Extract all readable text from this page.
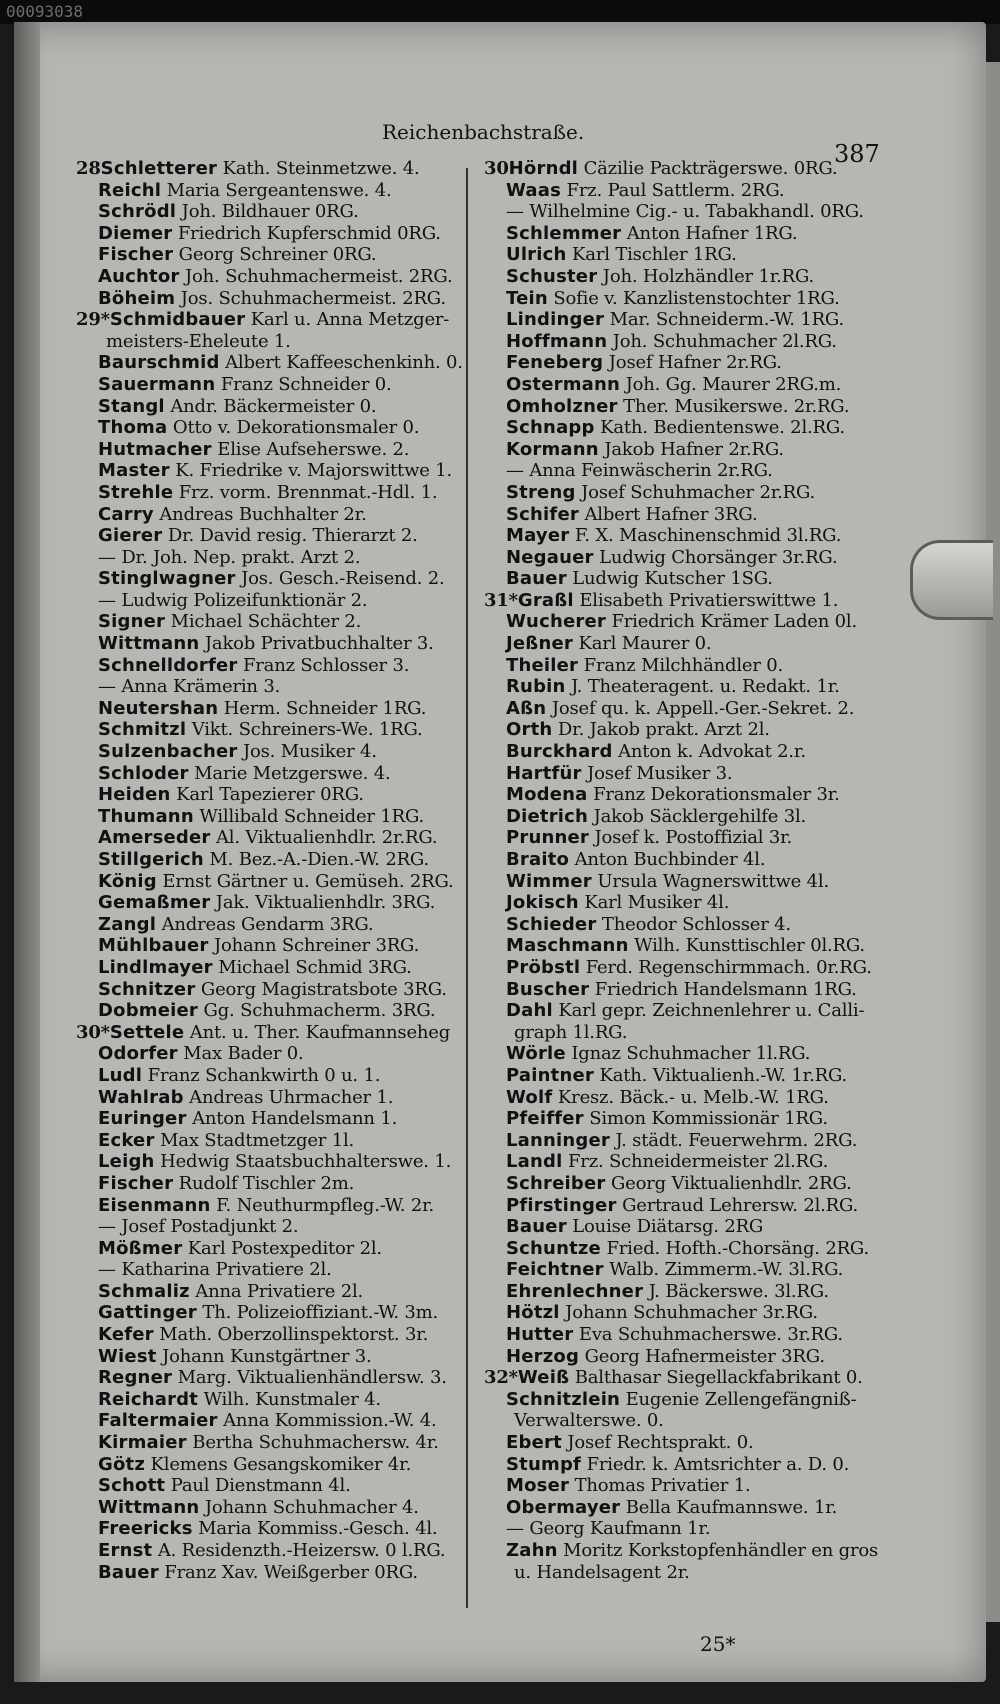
00093038
Reichenbachstraße.
387
28Schletterer Kath. Steinmetzwe. 4.
Reichl Maria Sergeantenswe. 4.
Schrödl Joh. Bildhauer 0RG.
Diemer Friedrich Kupferschmid 0RG.
Fischer Georg Schreiner 0RG.
Auchtor Joh. Schuhmachermeist. 2RG.
Böheim Jos. Schuhmachermeist. 2RG.
29*Schmidbauer Karl u. Anna Metzger-
meisters-Eheleute 1.
Baurschmid Albert Kaffeeschenkinh. 0.
Sauermann Franz Schneider 0.
Stangl Andr. Bäckermeister 0.
Thoma Otto v. Dekorationsmaler 0.
Hutmacher Elise Aufseherswe. 2.
Master K. Friedrike v. Majorswittwe 1.
Strehle Frz. vorm. Brennmat.-Hdl. 1.
Carry Andreas Buchhalter 2r.
Gierer Dr. David resig. Thierarzt 2.
— Dr. Joh. Nep. prakt. Arzt 2.
Stinglwagner Jos. Gesch.-Reisend. 2.
— Ludwig Polizeifunktionär 2.
Signer Michael Schächter 2.
Wittmann Jakob Privatbuchhalter 3.
Schnelldorfer Franz Schlosser 3.
— Anna Krämerin 3.
Neutershan Herm. Schneider 1RG.
Schmitzl Vikt. Schreiners-We. 1RG.
Sulzenbacher Jos. Musiker 4.
Schloder Marie Metzgerswe. 4.
Heiden Karl Tapezierer 0RG.
Thumann Willibald Schneider 1RG.
Amerseder Al. Viktualienhdlr. 2r.RG.
Stillgerich M. Bez.-A.-Dien.-W. 2RG.
König Ernst Gärtner u. Gemüseh. 2RG.
Gemaßmer Jak. Viktualienhdlr. 3RG.
Zangl Andreas Gendarm 3RG.
Mühlbauer Johann Schreiner 3RG.
Lindlmayer Michael Schmid 3RG.
Schnitzer Georg Magistratsbote 3RG.
Dobmeier Gg. Schuhmacherm. 3RG.
30*Settele Ant. u. Ther. Kaufmannseheg
Odorfer Max Bader 0.
Ludl Franz Schankwirth 0 u. 1.
Wahlrab Andreas Uhrmacher 1.
Euringer Anton Handelsmann 1.
Ecker Max Stadtmetzger 1l.
Leigh Hedwig Staatsbuchhalterswe. 1.
Fischer Rudolf Tischler 2m.
Eisenmann F. Neuthurmpfleg.-W. 2r.
— Josef Postadjunkt 2.
Mößmer Karl Postexpeditor 2l.
— Katharina Privatiere 2l.
Schmaliz Anna Privatiere 2l.
Gattinger Th. Polizeioffiziant.-W. 3m.
Kefer Math. Oberzollinspektorst. 3r.
Wiest Johann Kunstgärtner 3.
Regner Marg. Viktualienhändlersw. 3.
Reichardt Wilh. Kunstmaler 4.
Faltermaier Anna Kommission.-W. 4.
Kirmaier Bertha Schuhmachersw. 4r.
Götz Klemens Gesangskomiker 4r.
Schott Paul Dienstmann 4l.
Wittmann Johann Schuhmacher 4.
Freericks Maria Kommiss.-Gesch. 4l.
Ernst A. Residenzth.-Heizersw. 0 l.RG.
Bauer Franz Xav. Weißgerber 0RG.
30Hörndl Cäzilie Packträgerswe. 0RG.
Waas Frz. Paul Sattlerm. 2RG.
— Wilhelmine Cig.- u. Tabakhandl. 0RG.
Schlemmer Anton Hafner 1RG.
Ulrich Karl Tischler 1RG.
Schuster Joh. Holzhändler 1r.RG.
Tein Sofie v. Kanzlistenstochter 1RG.
Lindinger Mar. Schneiderm.-W. 1RG.
Hoffmann Joh. Schuhmacher 2l.RG.
Feneberg Josef Hafner 2r.RG.
Ostermann Joh. Gg. Maurer 2RG.m.
Omholzner Ther. Musikerswe. 2r.RG.
Schnapp Kath. Bedientenswe. 2l.RG.
Kormann Jakob Hafner 2r.RG.
— Anna Feinwäscherin 2r.RG.
Streng Josef Schuhmacher 2r.RG.
Schifer Albert Hafner 3RG.
Mayer F. X. Maschinenschmid 3l.RG.
Negauer Ludwig Chorsänger 3r.RG.
Bauer Ludwig Kutscher 1SG.
31*Graßl Elisabeth Privatierswittwe 1.
Wucherer Friedrich Krämer Laden 0l.
Jeßner Karl Maurer 0.
Theiler Franz Milchhändler 0.
Rubin J. Theateragent. u. Redakt. 1r.
Aßn Josef qu. k. Appell.-Ger.-Sekret. 2.
Orth Dr. Jakob prakt. Arzt 2l.
Burckhard Anton k. Advokat 2.r.
Hartfür Josef Musiker 3.
Modena Franz Dekorationsmaler 3r.
Dietrich Jakob Säcklergehilfe 3l.
Prunner Josef k. Postoffizial 3r.
Braito Anton Buchbinder 4l.
Wimmer Ursula Wagnerswittwe 4l.
Jokisch Karl Musiker 4l.
Schieder Theodor Schlosser 4.
Maschmann Wilh. Kunsttischler 0l.RG.
Pröbstl Ferd. Regenschirmmach. 0r.RG.
Buscher Friedrich Handelsmann 1RG.
Dahl Karl gepr. Zeichnenlehrer u. Calli-
graph 1l.RG.
Wörle Ignaz Schuhmacher 1l.RG.
Paintner Kath. Viktualienh.-W. 1r.RG.
Wolf Kresz. Bäck.- u. Melb.-W. 1RG.
Pfeiffer Simon Kommissionär 1RG.
Lanninger J. städt. Feuerwehrm. 2RG.
Landl Frz. Schneidermeister 2l.RG.
Schreiber Georg Viktualienhdlr. 2RG.
Pfirstinger Gertraud Lehrersw. 2l.RG.
Bauer Louise Diätarsg. 2RG
Schuntze Fried. Hofth.-Chorsäng. 2RG.
Feichtner Walb. Zimmerm.-W. 3l.RG.
Ehrenlechner J. Bäckerswe. 3l.RG.
Hötzl Johann Schuhmacher 3r.RG.
Hutter Eva Schuhmacherswe. 3r.RG.
Herzog Georg Hafnermeister 3RG.
32*Weiß Balthasar Siegellackfabrikant 0.
Schnitzlein Eugenie Zellengefängniß-
Verwalterswe. 0.
Ebert Josef Rechtsprakt. 0.
Stumpf Friedr. k. Amtsrichter a. D. 0.
Moser Thomas Privatier 1.
Obermayer Bella Kaufmannswe. 1r.
— Georg Kaufmann 1r.
Zahn Moritz Korkstopfenhändler en gros
u. Handelsagent 2r.
25*
